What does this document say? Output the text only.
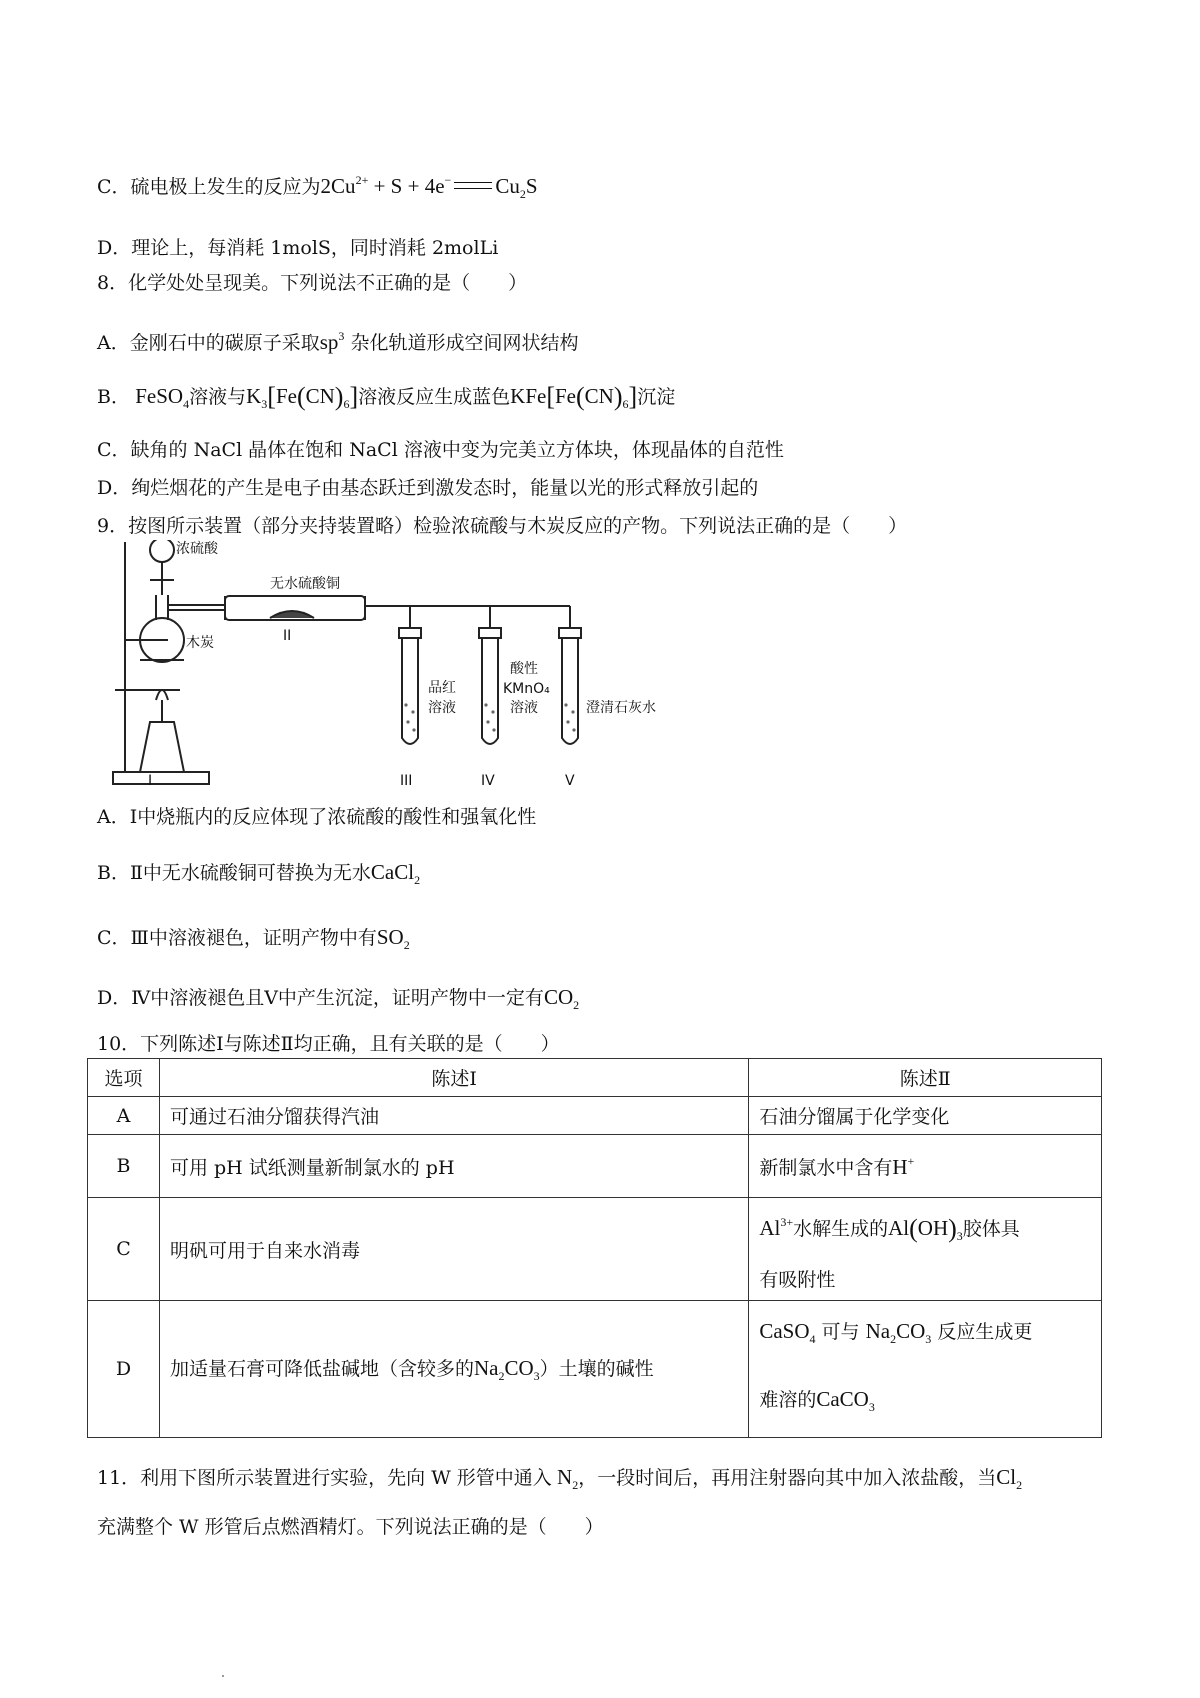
C．硫电极上发生的反应为$2Cu^{2+} + S + 4e^-$ $Cu_2S$
D．理论上，每消耗 1molS，同时消耗 2molLi
8．化学处处呈现美。下列说法不正确的是（　　）
A．金刚石中的碳原子采取$sp^3$ 杂化轨道形成空间网状结构
B． FeSO$_4$溶液与$K_3[Fe(CN)_6]$溶液反应生成蓝色$KFe[Fe(CN)_6]$沉淀
C．缺角的 NaCl 晶体在饱和 NaCl 溶液中变为完美立方体块，体现晶体的自范性
D．绚烂烟花的产生是电子由基态跃迁到激发态时，能量以光的形式释放引起的
9．按图所示装置（部分夹持装置略）检验浓硫酸与木炭反应的产物。下列说法正确的是（　　）
浓硫酸
无水硫酸铜
II
木炭
I
品红
溶液
酸性
KMnO₄
溶液	澄清石灰水
III	IV	V
A．Ⅰ中烧瓶内的反应体现了浓硫酸的酸性和强氧化性
B．Ⅱ中无水硫酸铜可替换为无水CaCl$_2$
C．Ⅲ中溶液褪色，证明产物中有$SO_2$
D．Ⅳ中溶液褪色且Ⅴ中产生沉淀，证明产物中一定有$CO_2$
10．下列陈述Ⅰ与陈述Ⅱ均正确，且有关联的是（　　）
选项	陈述Ⅰ	陈述Ⅱ
A	可通过石油分馏获得汽油	石油分馏属于化学变化
B	可用 pH 试纸测量新制氯水的 pH	新制氯水中含有H+
C	明矾可用于自来水消毒	$Al^{3+}$水解生成的$Al(OH)_3$胶体具
有吸附性

D	加适量石膏可降低盐碱地（含较多的$Na_2CO_3$）土壤的碱性	CaSO$_4$ 可与 $Na_2CO_3$ 反应生成更
难溶的CaCO$_3$
11．利用下图所示装置进行实验，先向 W 形管中通入 $N_2$，一段时间后，再用注射器向其中加入浓盐酸，当$Cl_2$
充满整个 W 形管后点燃酒精灯。下列说法正确的是（　　）
